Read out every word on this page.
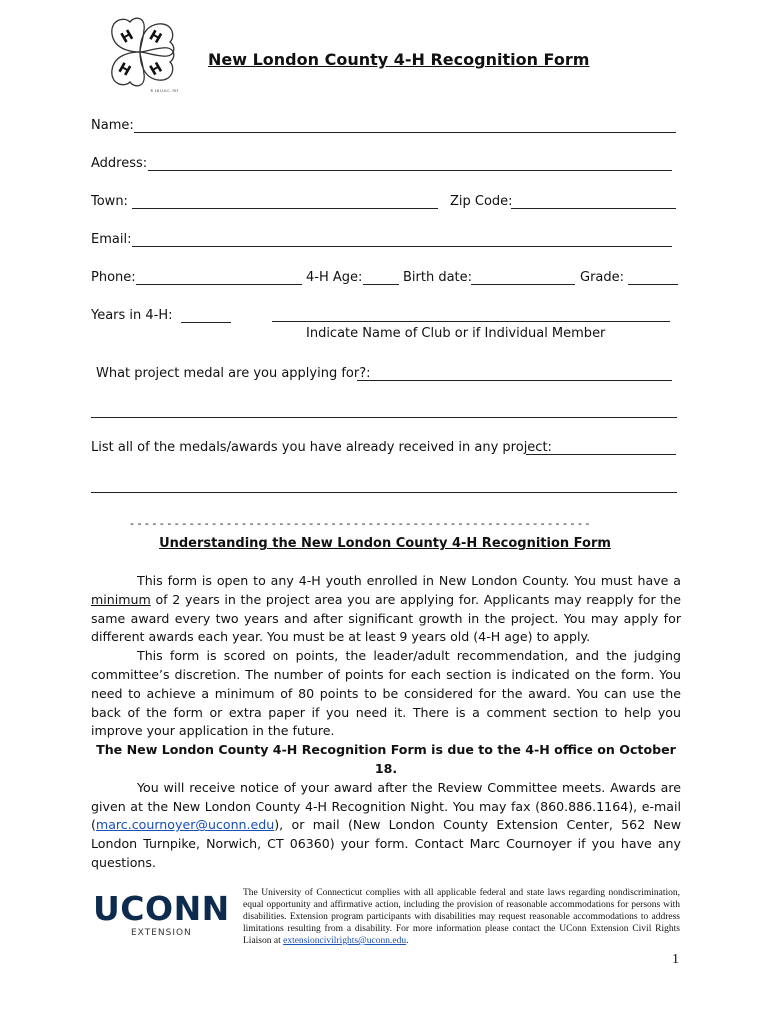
H H
H H
® 18 U.S.C. 707
New London County 4-H Recognition Form
Name:
Address:
Town:	Zip Code:
Email:
Phone:	4-H Age:	Birth date:	Grade:
Years in 4-H:
Indicate Name of Club or if Individual Member
What project medal are you applying for?:
List all of the medals/awards you have already received in any project:
- - - - - - - - - - - - - - - - - - - - - - - - - - - - - - - - - - - - - - - - - - - - - - - - - - - - - - - - - - - - - -
Understanding the New London County 4-H Recognition Form

This form is open to any 4-H youth enrolled in New London County. You must have a minimum of 2 years in the project area you are applying for. Applicants may reapply for the same award every two years and after significant growth in the project. You may apply for different awards each year. You must be at least 9 years old (4-H age) to apply.

This form is scored on points, the leader/adult recommendation, and the judging committee’s discretion. The number of points for each section is indicated on the form. You need to achieve a minimum of 80 points to be considered for the award. You can use the back of the form or extra paper if you need it. There is a comment section to help you improve your application in the future.

The New London County 4-H Recognition Form is due to the 4-H office on October 18.

You will receive notice of your award after the Review Committee meets. Awards are given at the New London County 4-H Recognition Night. You may fax (860.886.1164), e-mail (marc.cournoyer@uconn.edu), or mail (New London County Extension Center, 562 New London Turnpike, Norwich, CT 06360) your form. Contact Marc Cournoyer if you have any questions.

UCONN
EXTENSION
The University of Connecticut complies with all applicable federal and state laws regarding nondiscrimination, equal opportunity and affirmative action, including the provision of reasonable accommodations for persons with disabilities. Extension program participants with disabilities may request reasonable accommodations to address limitations resulting from a disability. For more information please contact the UConn Extension Civil Rights Liaison at extensioncivilrights@uconn.edu.
1
